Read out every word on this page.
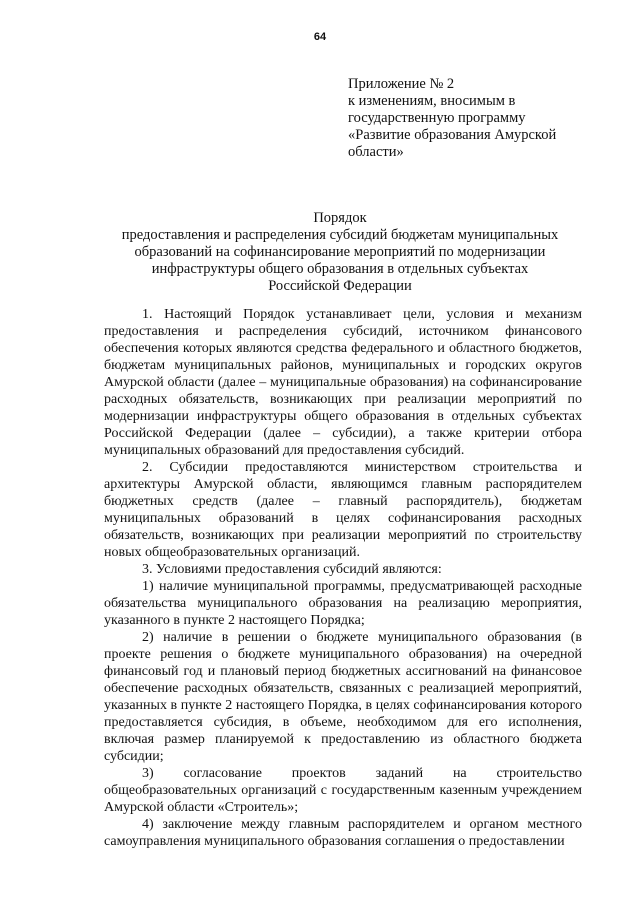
64
Приложение № 2
к изменениям, вносимым в
государственную программу
«Развитие образования Амурской
области»
Порядок
предоставления и распределения субсидий бюджетам муниципальных
образований на софинансирование мероприятий по модернизации
инфраструктуры общего образования в отдельных субъектах
Российской Федерации

1. Настоящий Порядок устанавливает цели, условия и механизм предоставления и распределения субсидий, источником финансового обеспечения которых являются средства федерального и областного бюджетов, бюджетам муниципальных районов, муниципальных и городских округов Амурской области (далее – муниципальные образования) на софинансирование расходных обязательств, возникающих при реализации мероприятий по модернизации инфраструктуры общего образования в отдельных субъектах Российской Федерации (далее – субсидии), а также критерии отбора муниципальных образований для предоставления субсидий.

2. Субсидии предоставляются министерством строительства и архитектуры Амурской области, являющимся главным распорядителем бюджетных средств (далее – главный распорядитель), бюджетам муниципальных образований в целях софинансирования расходных обязательств, возникающих при реализации мероприятий по строительству новых общеобразовательных организаций.

3. Условиями предоставления субсидий являются:

1) наличие муниципальной программы, предусматривающей расходные обязательства муниципального образования на реализацию мероприятия, указанного в пункте 2 настоящего Порядка;

2) наличие в решении о бюджете муниципального образования (в проекте решения о бюджете муниципального образования) на очередной финансовый год и плановый период бюджетных ассигнований на финансовое обеспечение расходных обязательств, связанных с реализацией мероприятий, указанных в пункте 2 настоящего Порядка, в целях софинансирования которого предоставляется субсидия, в объеме, необходимом для его исполнения, включая размер планируемой к предоставлению из областного бюджета субсидии;

3) согласование проектов заданий на строительство общеобразовательных организаций с государственным казенным учреждением Амурской области «Строитель»;

4) заключение между главным распорядителем и органом местного самоуправления муниципального образования соглашения о предоставлении
